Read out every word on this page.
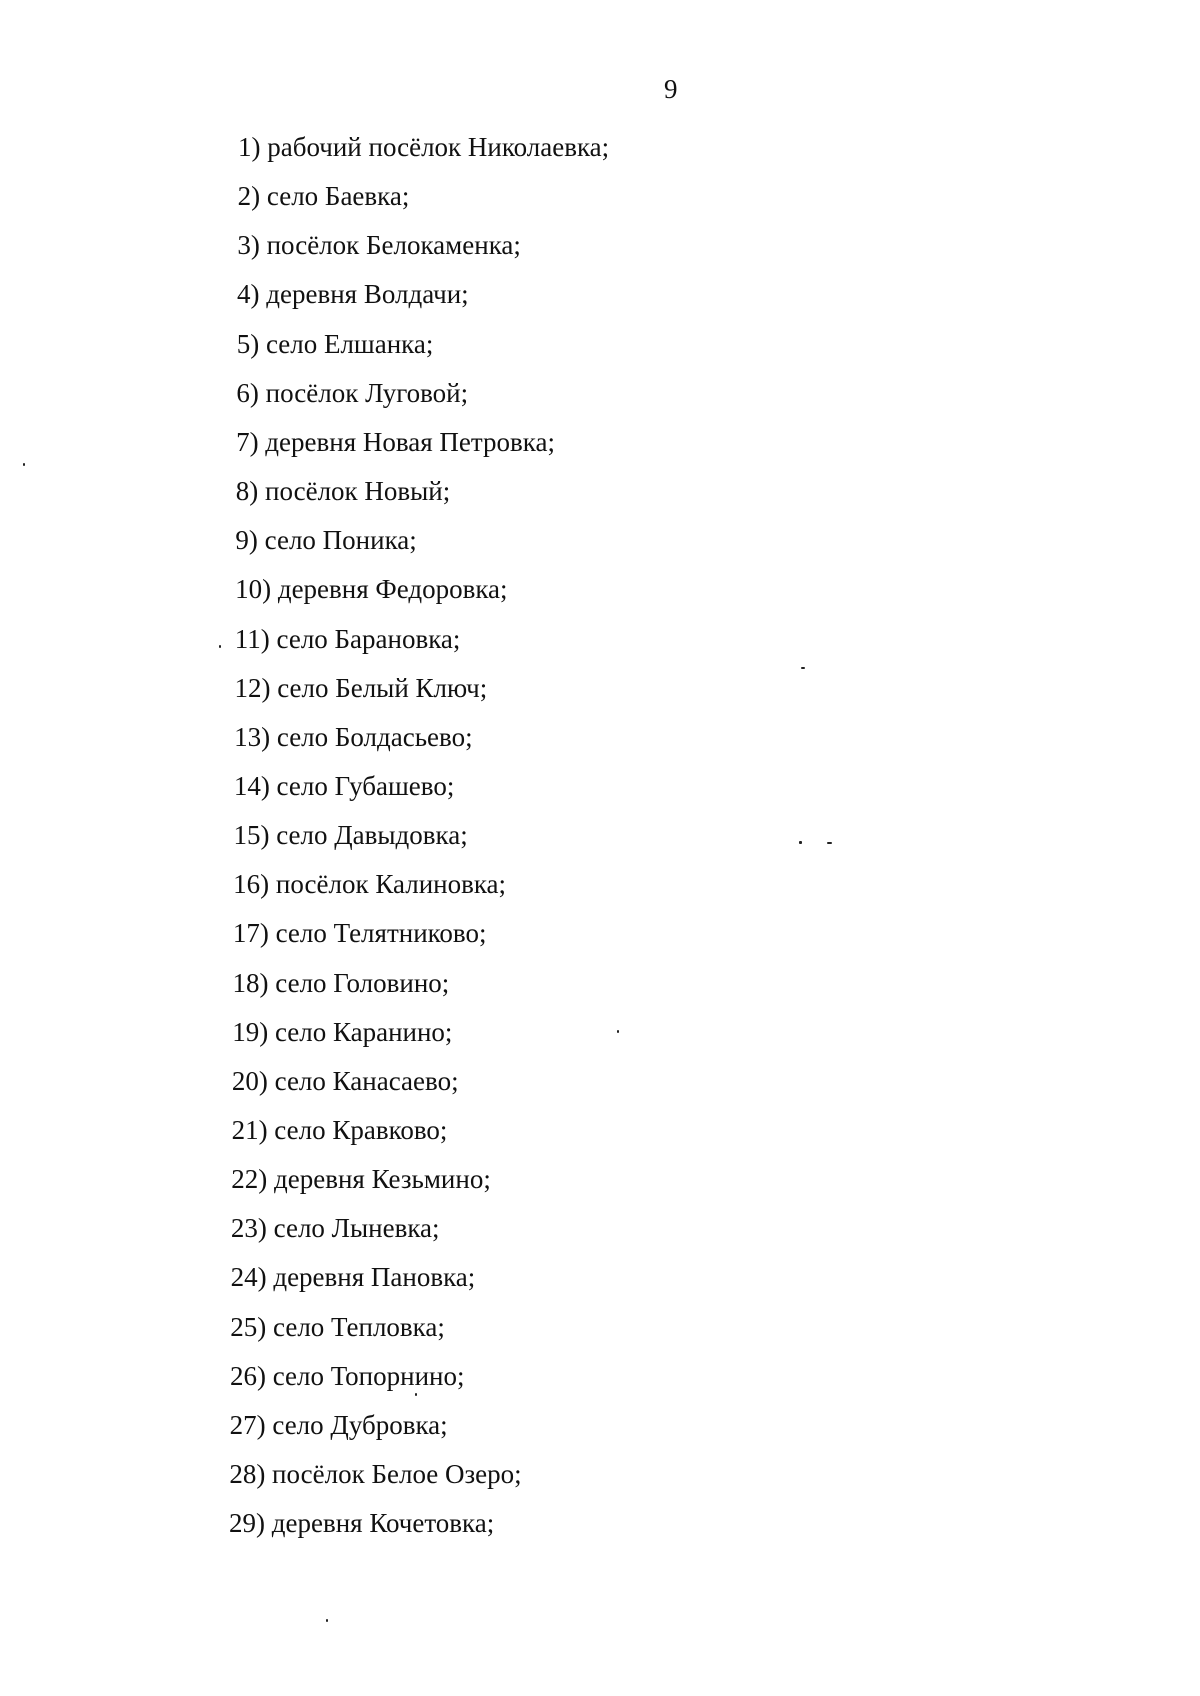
9
1) рабочий посёлок Николаевка;
2) село Баевка;
3) посёлок Белокаменка;
4) деревня Волдачи;
5) село Елшанка;
6) посёлок Луговой;
7) деревня Новая Петровка;
8) посёлок Новый;
9) село Поника;
10) деревня Федоровка;
11) село Барановка;
12) село Белый Ключ;
13) село Болдасьево;
14) село Губашево;
15) село Давыдовка;
16) посёлок Калиновка;
17) село Телятниково;
18) село Головино;
19) село Каранино;
20) село Канасаево;
21) село Кравково;
22) деревня Кезьмино;
23) село Лыневка;
24) деревня Пановка;
25) село Тепловка;
26) село Топорнино;
27) село Дубровка;
28) посёлок Белое Озеро;
29) деревня Кочетовка;
